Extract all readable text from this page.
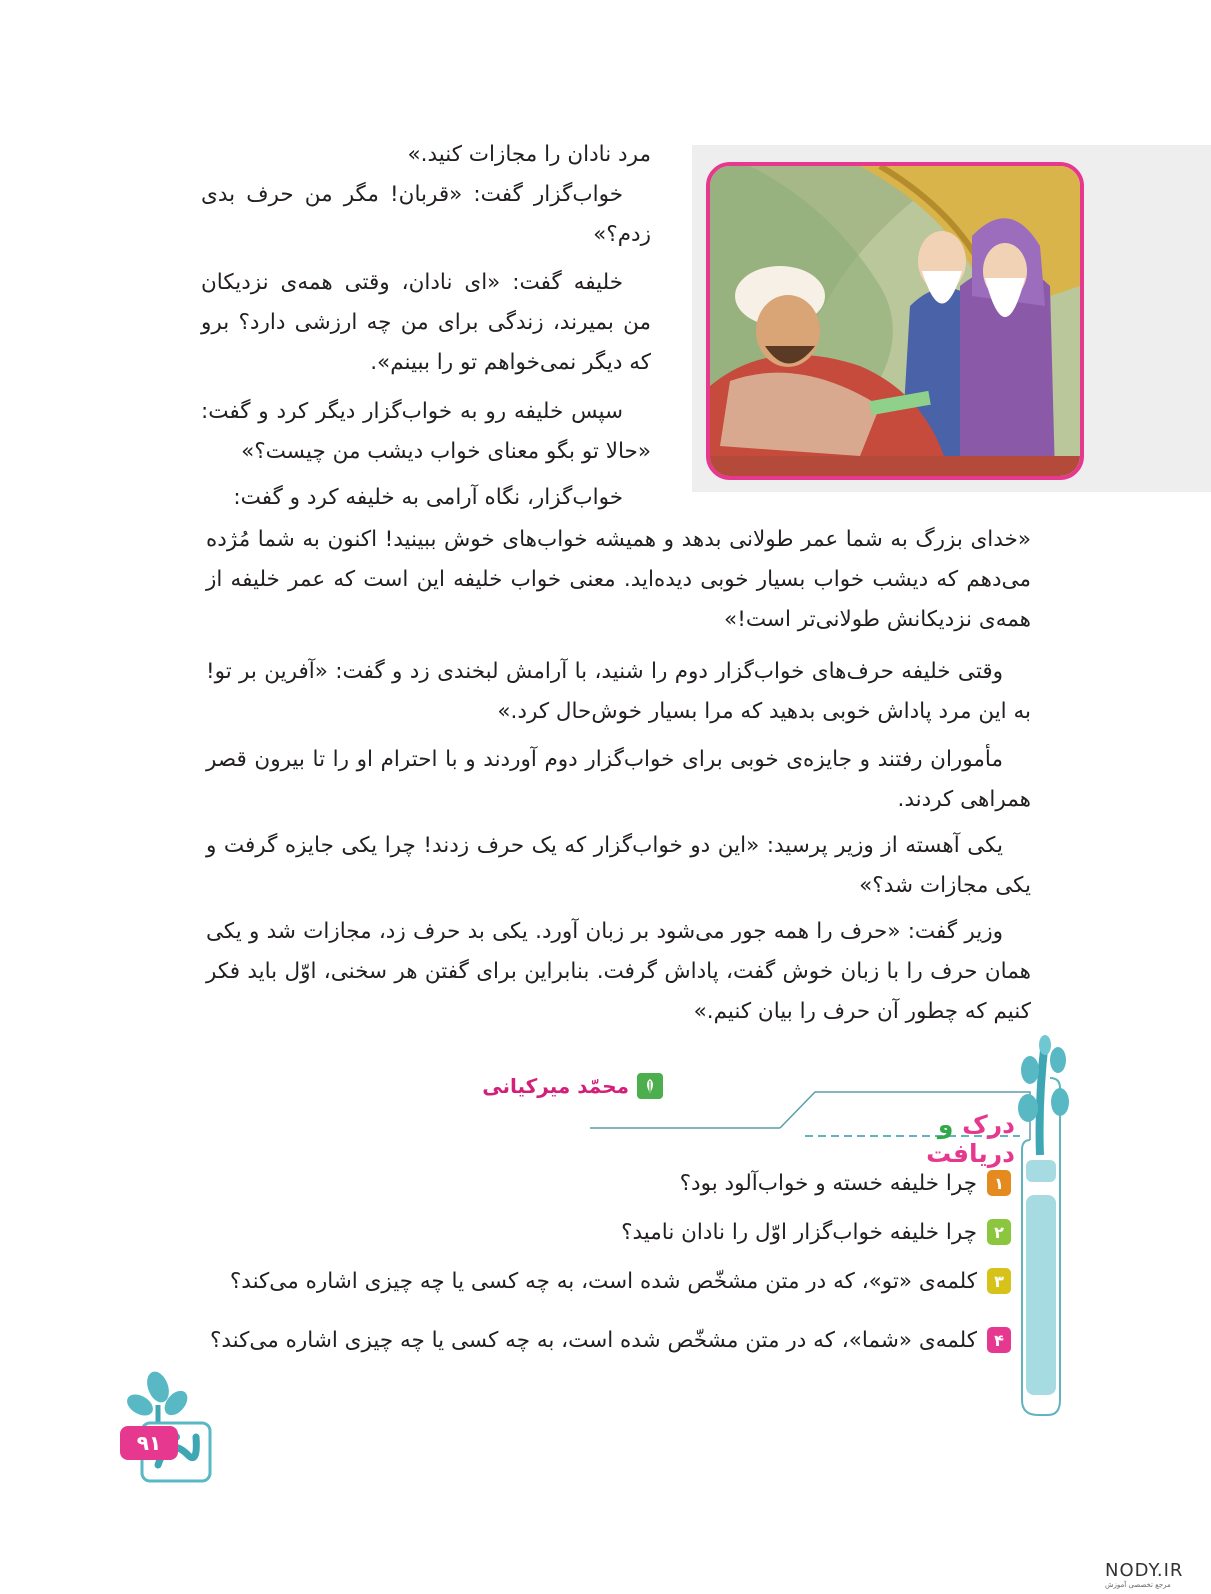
مرد نادان را مجازات کنید.»

خواب‌گزار گفت: «قربان! مگر من حرف بدی زدم؟»

خلیفه گفت: «ای نادان، وقتی همه‌ی نزدیکان من بمیرند، زندگی برای من چه ارزشی دارد؟ برو که دیگر نمی‌خواهم تو را ببینم».

سپس خلیفه رو به خواب‌گزار دیگر کرد و گفت: «حالا تو بگو معنای خواب دیشب من چیست؟»

خواب‌گزار، نگاه آرامی به خلیفه کرد و گفت:

«خدای بزرگ به شما عمر طولانی بدهد و همیشه خواب‌های خوش ببینید! اکنون به شما مُژده می‌دهم که دیشب خواب بسیار خوبی دیده‌اید. معنی خواب خلیفه این است که عمر خلیفه از همه‌ی نزدیکانش طولانی‌تر است!»

وقتی خلیفه حرف‌های خواب‌گزار دوم را شنید، با آرامش لبخندی زد و گفت: «آفرین بر تو! به این مرد پاداش خوبی بدهید که مرا بسیار خوش‌حال کرد.»

مأموران رفتند و جایزه‌ی خوبی برای خواب‌گزار دوم آوردند و با احترام او را تا بیرون قصر همراهی کردند.

یکی آهسته از وزیر پرسید: «این دو خواب‌گزار که یک حرف زدند! چرا یکی جایزه گرفت و یکی مجازات شد؟»

وزیر گفت: «حرف را همه جور می‌شود بر زبان آورد. یکی بد حرف زد، مجازات شد و یکی همان حرف را با زبان خوش گفت، پاداش گرفت. بنابراین برای گفتن هر سخنی، اوّل باید فکر کنیم که چطور آن حرف را بیان کنیم.»

محمّد میرکیانی
درک و دریافت
۱
چرا خلیفه خسته و خواب‌آلود بود؟
۲
چرا خلیفه خواب‌گزار اوّل را نادان نامید؟
۳
کلمه‌ی «تو»، که در متن مشخّص شده است، به چه کسی یا چه چیزی اشاره می‌کند؟
۴
کلمه‌ی «شما»، که در متن مشخّص شده است، به چه کسی یا چه چیزی اشاره می‌کند؟
۹۱
NODY.IR
مرجع تخصصی آموزش
